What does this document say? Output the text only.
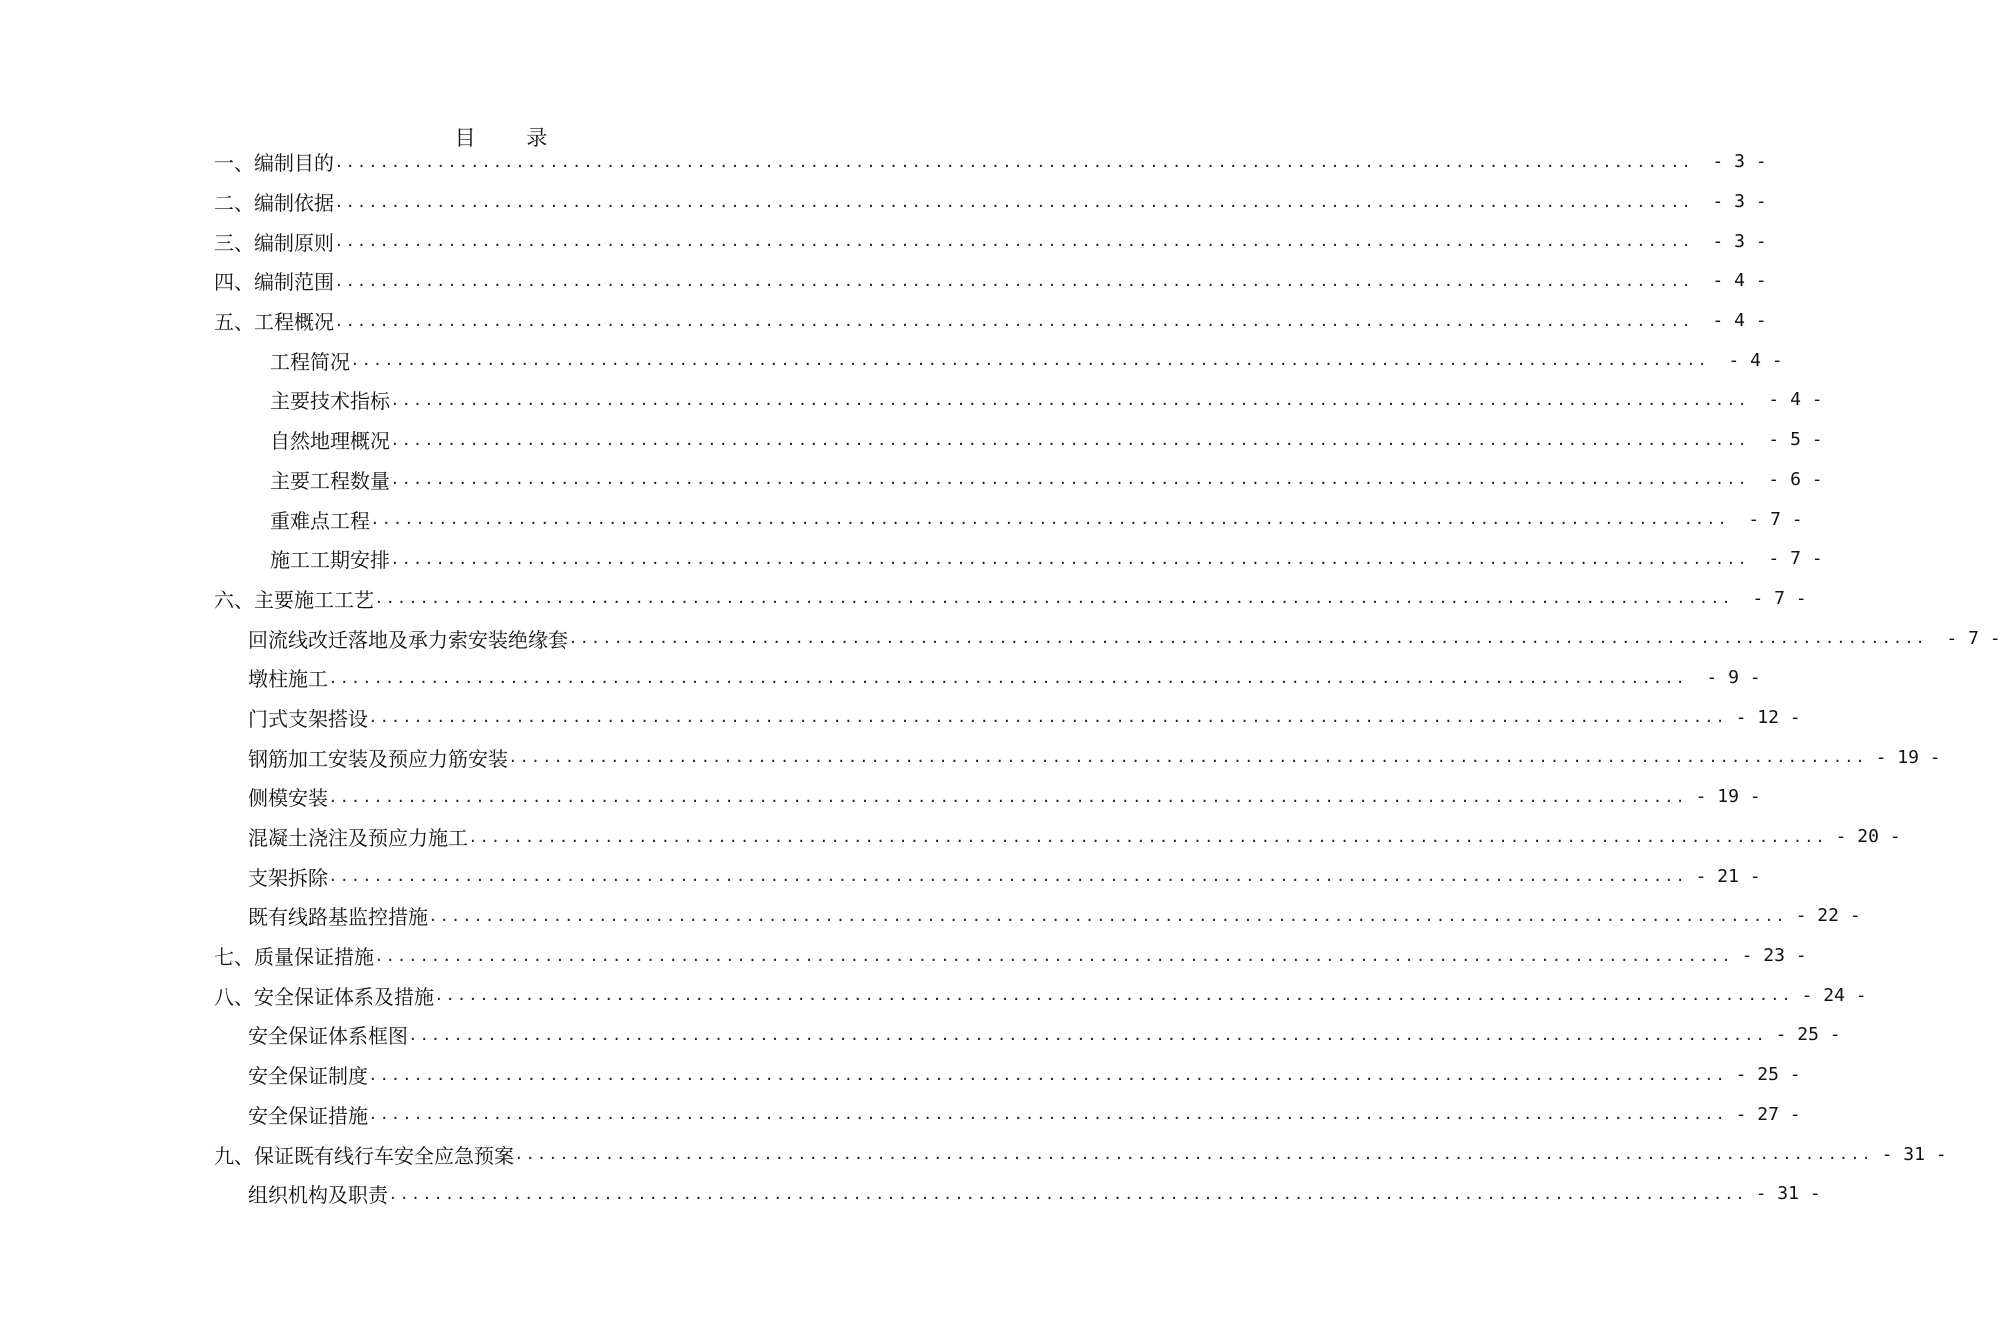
目 录
一、编制目的 ........................................................................................................................ - 3 -
二、编制依据 ........................................................................................................................ - 3 -
三、编制原则 ........................................................................................................................ - 3 -
四、编制范围 ........................................................................................................................ - 4 -
五、工程概况 ........................................................................................................................ - 4 -
工程简况 ........................................................................................................................ - 4 -
主要技术指标 ........................................................................................................................ - 4 -
自然地理概况 ........................................................................................................................ - 5 -
主要工程数量 ........................................................................................................................ - 6 -
重难点工程 ........................................................................................................................ - 7 -
施工工期安排 ........................................................................................................................ - 7 -
六、主要施工工艺 ........................................................................................................................ - 7 -
回流线改迁落地及承力索安装绝缘套 ........................................................................................................................ - 7 -
墩柱施工 ........................................................................................................................ - 9 -
门式支架搭设 ........................................................................................................................ - 12 -
钢筋加工安装及预应力筋安装 ........................................................................................................................ - 19 -
侧模安装 ........................................................................................................................ - 19 -
混凝土浇注及预应力施工 ........................................................................................................................ - 20 -
支架拆除 ........................................................................................................................ - 21 -
既有线路基监控措施 ........................................................................................................................ - 22 -
七、质量保证措施 ........................................................................................................................ - 23 -
八、安全保证体系及措施 ........................................................................................................................ - 24 -
安全保证体系框图 ........................................................................................................................ - 25 -
安全保证制度 ........................................................................................................................ - 25 -
安全保证措施 ........................................................................................................................ - 27 -
九、保证既有线行车安全应急预案 ........................................................................................................................ - 31 -
组织机构及职责 ........................................................................................................................ - 31 -
